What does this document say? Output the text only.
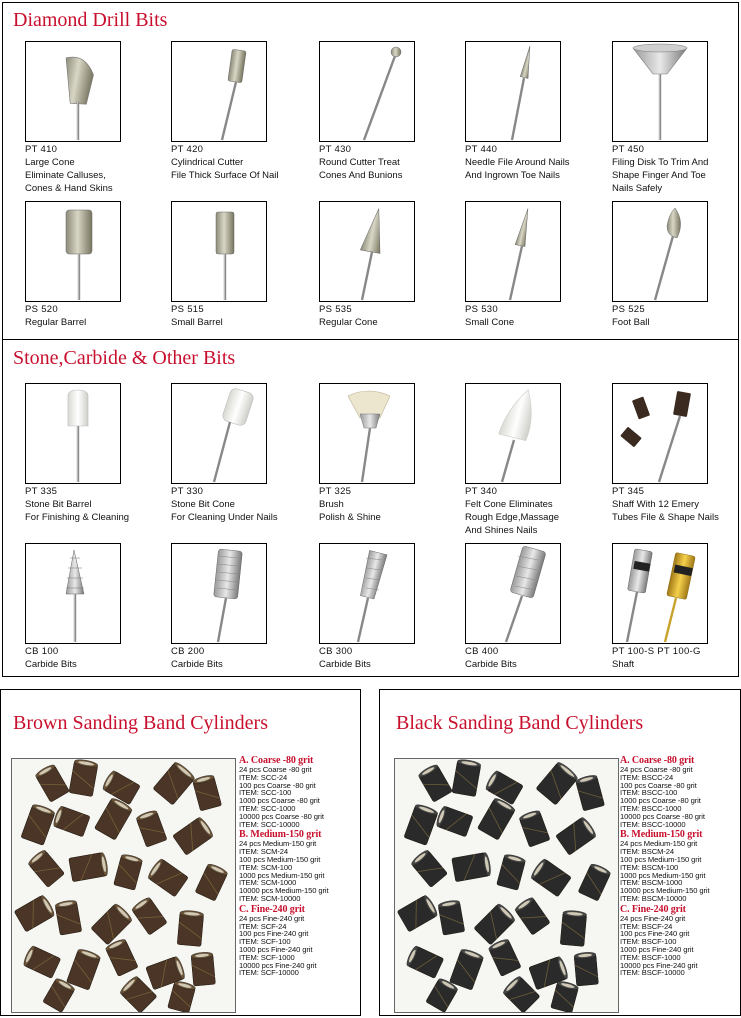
Diamond Drill Bits
PT 410
Large Cone
Eliminate Calluses,
Cones & Hand Skins
PT 420
Cylindrical Cutter
File Thick Surface Of Nail
PT 430
Round Cutter Treat
Cones And Bunions
PT 440
Needle File Around Nails
And Ingrown Toe Nails
PT 450
Filing Disk To Trim And
Shape Finger And Toe
Nails Safely
PS 520
Regular Barrel
PS 515
Small Barrel
PS 535
Regular Cone
PS 530
Small Cone
PS 525
Foot Ball
Stone,Carbide & Other Bits
PT 335
Stone Bit Barrel
For Finishing & Cleaning
PT 330
Stone Bit Cone
For Cleaning Under Nails
PT 325
Brush
Polish & Shine
PT 340
Felt Cone Eliminates
Rough Edge,Massage
And Shines Nails
PT 345
Shaff With 12 Emery
Tubes File & Shape Nails
CB 100
Carbide Bits
CB 200
Carbide Bits
CB 300
Carbide Bits
CB 400
Carbide Bits
PT 100-S PT 100-G
Shaft
Brown Sanding Band Cylinders
A. Coarse -80 grit
24 pcs Coarse -80 grit
ITEM: SCC-24
100 pcs Coarse -80 grit
ITEM: SCC-100
1000 pcs Coarse -80 grit
ITEM: SCC-1000
10000 pcs Coarse -80 grit
ITEM: SCC-10000
B. Medium-150 grit
24 pcs Medium-150 grit
ITEM: SCM-24
100 pcs Medium-150 grit
ITEM: SCM-100
1000 pcs Medium-150 grit
ITEM: SCM-1000
10000 pcs Medium-150 grit
ITEM: SCM-10000
C. Fine-240 grit
24 pcs Fine-240 grit
ITEM: SCF-24
100 pcs Fine-240 grit
ITEM: SCF-100
1000 pcs Fine-240 grit
ITEM: SCF-1000
10000 pcs Fine-240 grit
ITEM: SCF-10000
Black Sanding Band Cylinders
A. Coarse -80 grit
24 pcs Coarse -80 grit
ITEM: BSCC-24
100 pcs Coarse -80 grit
ITEM: BSCC-100
1000 pcs Coarse -80 grit
ITEM: BSCC-1000
10000 pcs Coarse -80 grit
ITEM: BSCC-10000
B. Medium-150 grit
24 pcs Medium-150 grit
ITEM: BSCM-24
100 pcs Medium-150 grit
ITEM: BSCM-100
1000 pcs Medium-150 grit
ITEM: BSCM-1000
10000 pcs Medium-150 grit
ITEM: BSCM-10000
C. Fine-240 grit
24 pcs Fine-240 grit
ITEM: BSCF-24
100 pcs Fine-240 grit
ITEM: BSCF-100
1000 pcs Fine-240 grit
ITEM: BSCF-1000
10000 pcs Fine-240 grit
ITEM: BSCF-10000
